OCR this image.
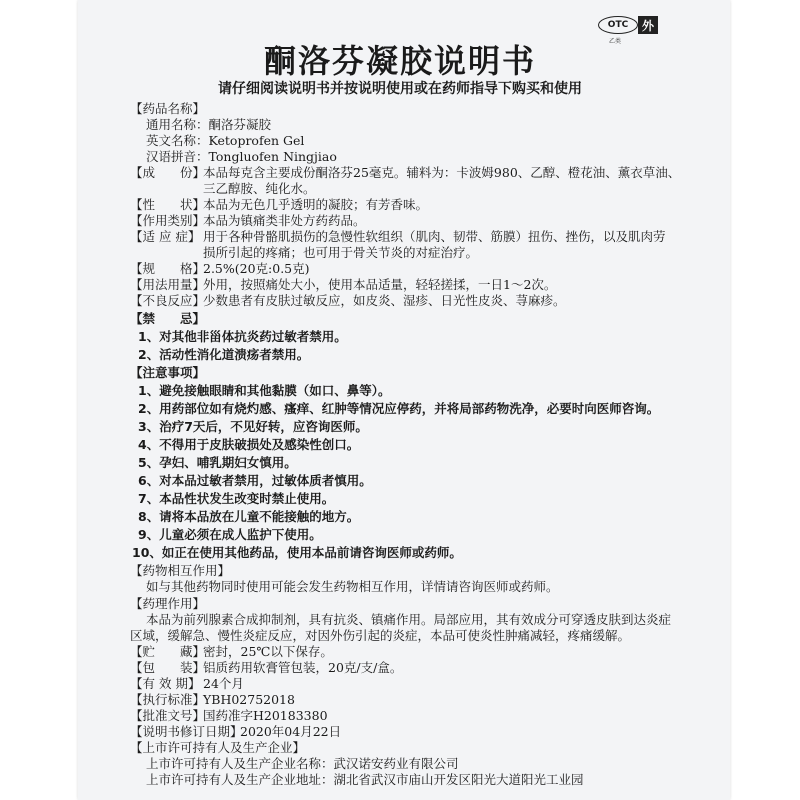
OTC	外
乙类
酮洛芬凝胶说明书
请仔细阅读说明书并按说明使用或在药师指导下购买和使用
【药品名称】
通用名称：酮洛芬凝胶
英文名称：Ketoprofen Gel
汉语拼音：Tongluofen Ningjiao
【成　　份】
本品每克含主要成份酮洛芬25毫克。辅料为：卡波姆980、乙醇、橙花油、薰衣草油、
三乙醇胺、纯化水。
【性　　状】
本品为无色几乎透明的凝胶；有芳香味。
【作用类别】
本品为镇痛类非处方药药品。
【适 应 症】 用于各种骨骼肌损伤的急慢性软组织（肌肉、韧带、筋膜）扭伤、挫伤，以及肌肉劳
损所引起的疼痛；也可用于骨关节炎的对症治疗。
【规　　格】
2.5%(20克:0.5克)
【用法用量】
外用，按照痛处大小，使用本品适量，轻轻搓揉，一日1～2次。
【不良反应】
少数患者有皮肤过敏反应，如皮炎、湿疹、日光性皮炎、荨麻疹。
【禁　　忌】
1、对其他非甾体抗炎药过敏者禁用。
2、活动性消化道溃疡者禁用。
【注意事项】
1、避免接触眼睛和其他黏膜（如口、鼻等）。
2、用药部位如有烧灼感、瘙痒、红肿等情况应停药，并将局部药物洗净，必要时向医师咨询。
3、治疗7天后，不见好转，应咨询医师。
4、不得用于皮肤破损处及感染性创口。
5、孕妇、哺乳期妇女慎用。
6、对本品过敏者禁用，过敏体质者慎用。
7、本品性状发生改变时禁止使用。
8、请将本品放在儿童不能接触的地方。
9、儿童必须在成人监护下使用。
10、如正在使用其他药品，使用本品前请咨询医师或药师。
【药物相互作用】
如与其他药物同时使用可能会发生药物相互作用，详情请咨询医师或药师。
【药理作用】
本品为前列腺素合成抑制剂，具有抗炎、镇痛作用。局部应用，其有效成分可穿透皮肤到达炎症
区域，缓解急、慢性炎症反应，对因外伤引起的炎症，本品可使炎性肿痛减轻，疼痛缓解。
【贮　　藏】
密封，25℃以下保存。
【包　　装】
铝质药用软膏管包装，20克/支/盒。
【有 效 期】 24个月
【执行标准】
YBH02752018
【批准文号】
国药准字H20183380
【说明书修订日期】
2020年04月22日
【上市许可持有人及生产企业】
上市许可持有人及生产企业名称：武汉诺安药业有限公司
上市许可持有人及生产企业地址：湖北省武汉市庙山开发区阳光大道阳光工业园
